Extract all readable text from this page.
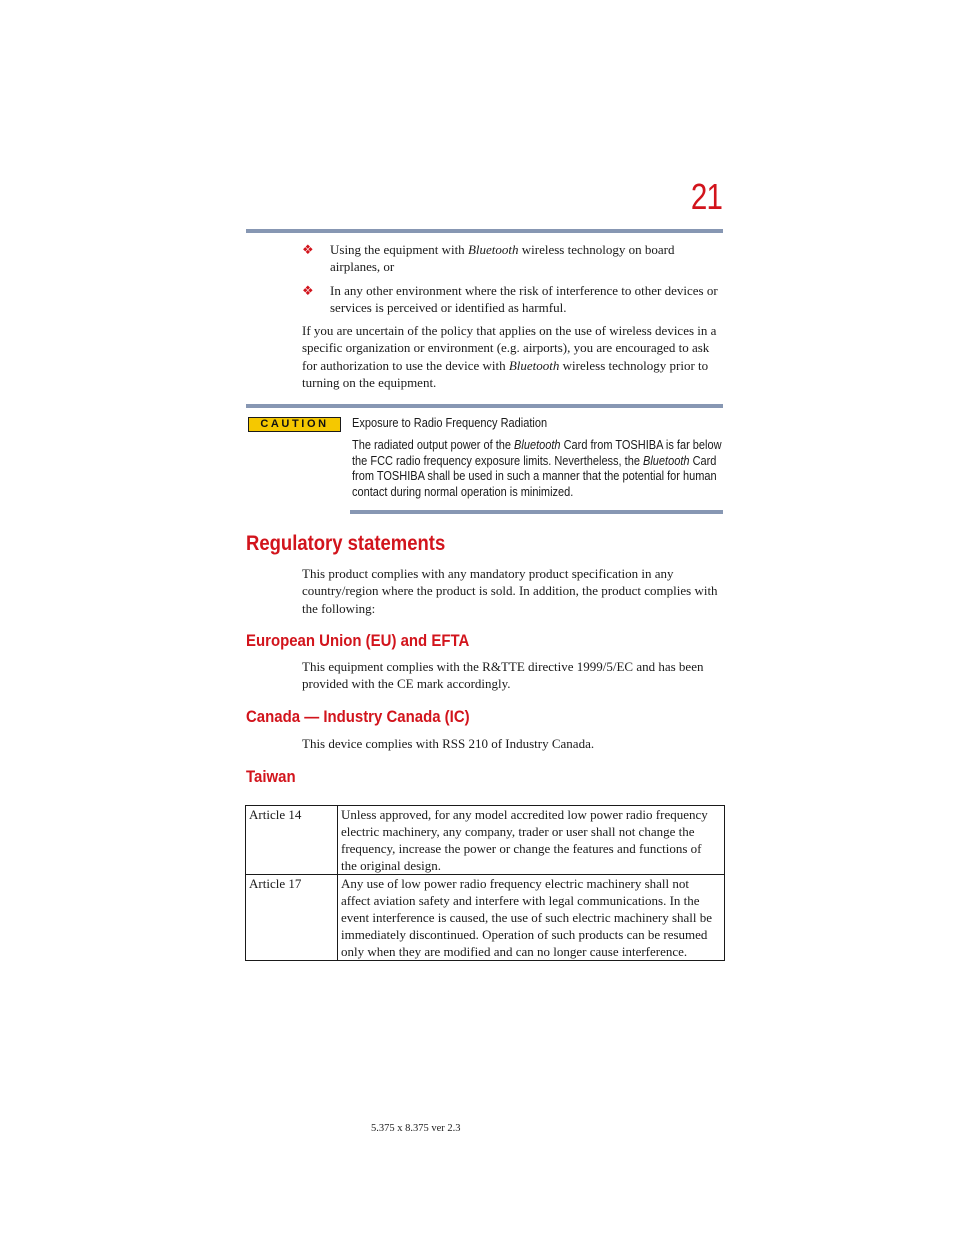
21
❖ Using the equipment with Bluetooth wireless technology on board airplanes, or
❖ In any other environment where the risk of interference to other devices or services is perceived or identified as harmful.

If you are uncertain of the policy that applies on the use of wireless devices in a specific organization or environment (e.g. airports), you are encouraged to ask for authorization to use the device with Bluetooth wireless technology prior to turning on the equipment.

CAUTION	Exposure to Radio Frequency Radiation

The radiated output power of the Bluetooth Card from TOSHIBA is far below the FCC radio frequency exposure limits. Nevertheless, the Bluetooth Card from TOSHIBA shall be used in such a manner that the potential for human contact during normal operation is minimized.

Regulatory statements

This product complies with any mandatory product specification in any country/region where the product is sold. In addition, the product complies with the following:

European Union (EU) and EFTA

This equipment complies with the R&TTE directive 1999/5/EC and has been provided with the CE mark accordingly.

Canada — Industry Canada (IC)

This device complies with RSS 210 of Industry Canada.

Taiwan
Article 14	Unless approved, for any model accredited low power radio frequency electric machinery, any company, trader or user shall not change the frequency, increase the power or change the features and functions of the original design.
Article 17	Any use of low power radio frequency electric machinery shall not affect aviation safety and interfere with legal communications. In the event interference is caused, the use of such electric machinery shall be immediately discontinued. Operation of such products can be resumed only when they are modified and can no longer cause interference.
5.375 x 8.375 ver 2.3
